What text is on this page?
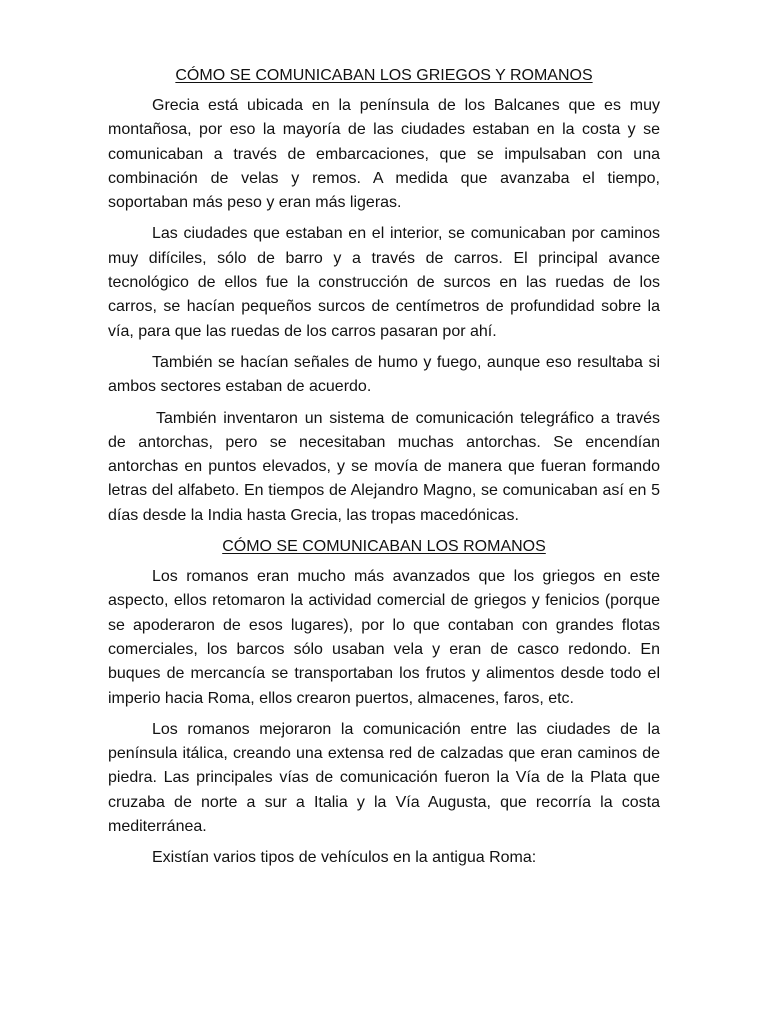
CÓMO SE COMUNICABAN LOS GRIEGOS Y ROMANOS

Grecia está ubicada en la península de los Balcanes que es muy montañosa, por eso la mayoría de las ciudades estaban en la costa y se comunicaban a través de embarcaciones, que se impulsaban con una combinación de velas y remos. A medida que avanzaba el tiempo, soportaban más peso y eran más ligeras.

Las ciudades que estaban en el interior, se comunicaban por caminos muy difíciles, sólo de barro y a través de carros. El principal avance tecnológico de ellos fue la construcción de surcos en las ruedas de los carros, se hacían pequeños surcos de centímetros de profundidad sobre la vía, para que las ruedas de los carros pasaran por ahí.

También se hacían señales de humo y fuego, aunque eso resultaba si ambos sectores estaban de acuerdo.

También inventaron un sistema de comunicación telegráfico a través de antorchas, pero se necesitaban muchas antorchas. Se encendían antorchas en puntos elevados, y se movía de manera que fueran formando letras del alfabeto. En tiempos de Alejandro Magno, se comunicaban así en 5 días desde la India hasta Grecia, las tropas macedónicas.

CÓMO SE COMUNICABAN LOS ROMANOS

Los romanos eran mucho más avanzados que los griegos en este aspecto, ellos retomaron la actividad comercial de griegos y fenicios (porque se apoderaron de esos lugares), por lo que contaban con grandes flotas comerciales, los barcos sólo usaban vela y eran de casco redondo. En buques de mercancía se transportaban los frutos y alimentos desde todo el imperio hacia Roma, ellos crearon puertos, almacenes, faros, etc.

Los romanos mejoraron la comunicación entre las ciudades de la península itálica, creando una extensa red de calzadas que eran caminos de piedra. Las principales vías de comunicación fueron la Vía de la Plata que cruzaba de norte a sur a Italia y la Vía Augusta, que recorría la costa mediterránea.

Existían varios tipos de vehículos en la antigua Roma:
